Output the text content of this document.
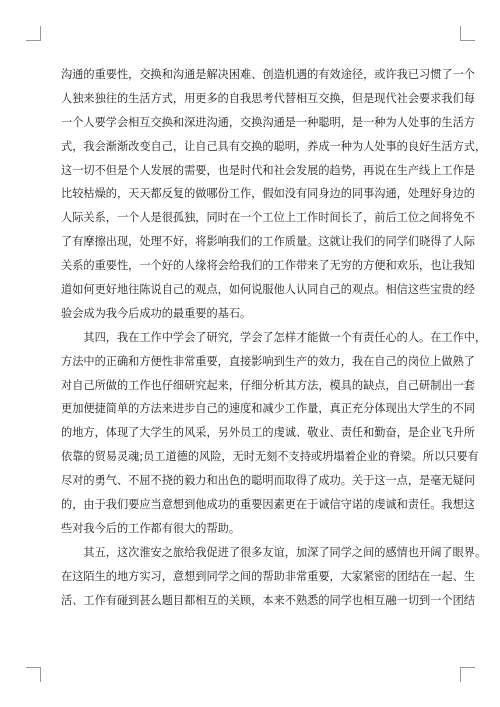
沟通的重要性，交换和沟通是解决困难、创造机遇的有效途径，或许我已习惯了一个
人独来独往的生活方式，用更多的自我思考代替相互交换，但是现代社会要求我们每
一个人要学会相互交换和深进沟通，交换沟通是一种聪明，是一种为人处事的生活方
式，我会渐渐改变自己，让自己具有交换的聪明，养成一种为人处事的良好生活方式，
这一切不但是个人发展的需要，也是时代和社会发展的趋势，再说在生产线上工作是
比较枯燥的，天天都反复的做哪份工作，假如没有同身边的同事沟通，处理好身边的
人际关系，一个人是很孤独，同时在一个工位上工作时间长了，前后工位之间将免不
了有摩擦出现，处理不好，将影响我们的工作质量。这就让我们的同学们晓得了人际
关系的重要性，一个好的人缘将会给我们的工作带来了无穷的方便和欢乐，也让我知
道如何更好地往陈说自己的观点，如何说服他人认同自己的观点。相信这些宝贵的经
验会成为我今后成功的最重要的基石。
　　其四，我在工作中学会了研究，学会了怎样才能做一个有责任心的人。在工作中，
方法中的正确和方便性非常重要，直接影响到生产的效力，我在自己的岗位上做熟了
对自己所做的工作也仔细研究起来，仔细分析其方法，模具的缺点，自己研制出一套
更加便捷简单的方法来进步自己的速度和减少工作量，真正充分体现出大学生的不同
的地方，体现了大学生的风采，另外员工的虔诚、敬业、责任和勤奋，是企业飞升所
依靠的贸易灵魂;员工道德的风险，无时无刻不支持或坍塌着企业的脊梁。所以只要有
尽对的勇气、不屈不挠的毅力和出色的聪明而取得了成功。关于这一点，是毫无疑问
的，由于我们要应当意想到他成功的重要因素更在于诚信守诺的虔诚和责任。我想这
些对我今后的工作都有很大的帮助。
　　其五，这次淮安之旅给我促进了很多友谊，加深了同学之间的感情也开阔了眼界。
在这陌生的地方实习，意想到同学之间的帮助非常重要，大家紧密的团结在一起、生
活、工作有碰到甚么题目都相互的关顾，本来不熟悉的同学也相互融一切到一个团结
